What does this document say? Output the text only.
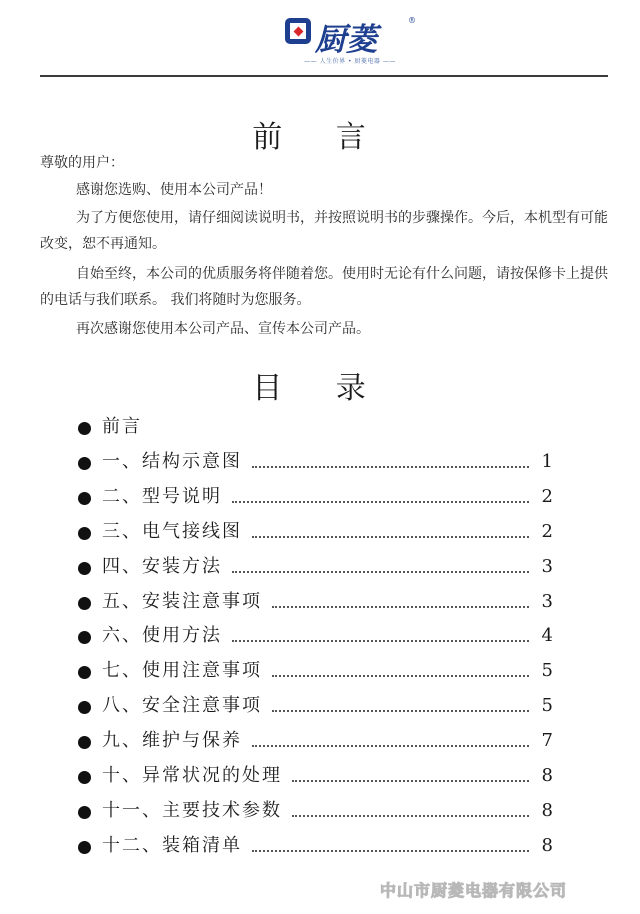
厨菱
®
—— 人生价界 • 厨菱电器 ——
前 言
尊敬的用户：
感谢您选购、使用本公司产品！
为了方便您使用，请仔细阅读说明书，并按照说明书的步骤操作。今后，本机型有可能改变，恕不再通知。
自始至终，本公司的优质服务将伴随着您。使用时无论有什么问题，请按保修卡上提供的电话与我们联系。 我们将随时为您服务。
再次感谢您使用本公司产品、宣传本公司产品。
目 录
前言
一、结构示意图	1
二、型号说明	2
三、电气接线图	2
四、安装方法	3
五、安装注意事项	3
六、使用方法	4
七、使用注意事项	5
八、安全注意事项	5
九、维护与保养	7
十、异常状况的处理	8
十一、主要技术参数	8
十二、装箱清单	8
中山市厨菱电器有限公司
